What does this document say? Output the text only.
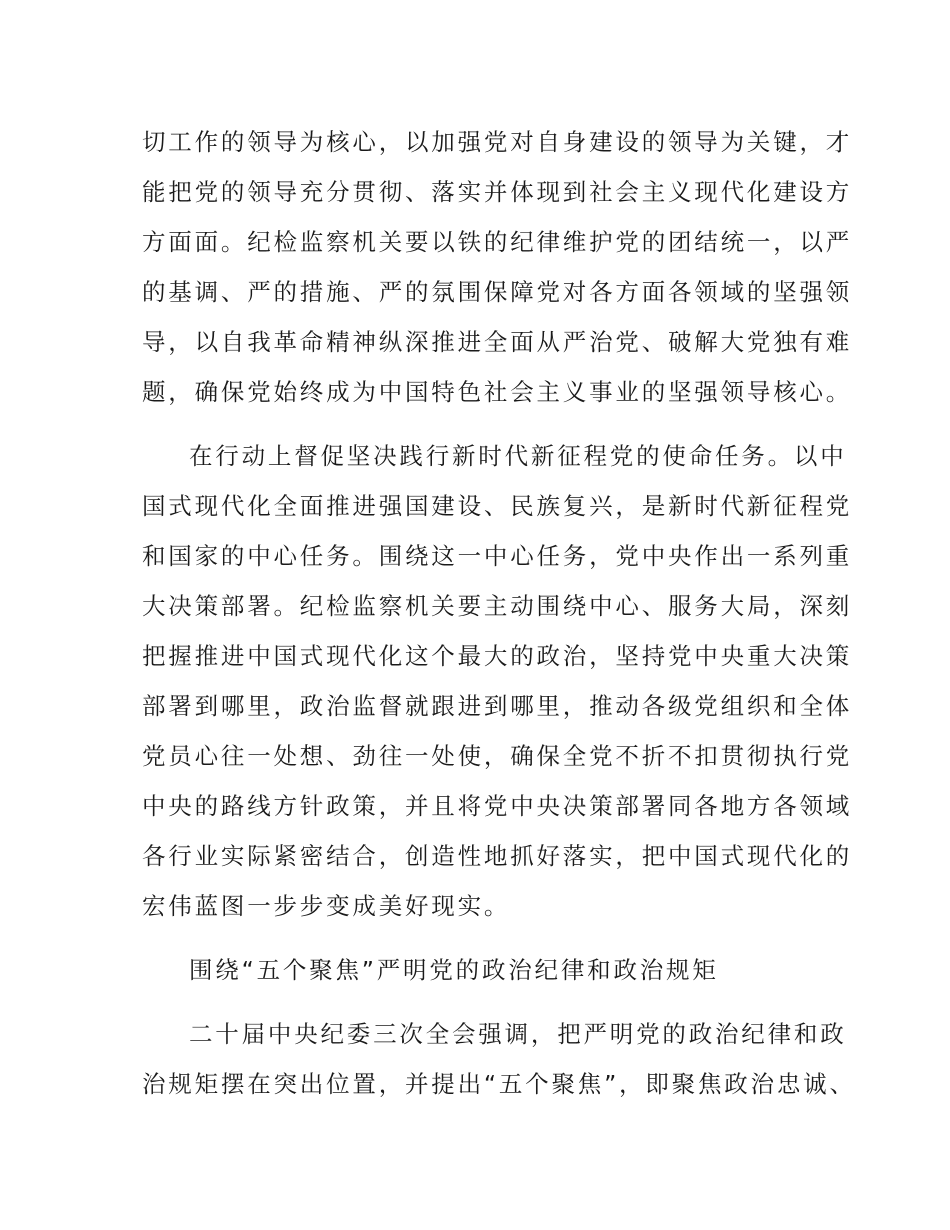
切工作的领导为核心，以加强党对自身建设的领导为关键，才
能把党的领导充分贯彻、落实并体现到社会主义现代化建设方
方面面。纪检监察机关要以铁的纪律维护党的团结统一，以严
的基调、严的措施、严的氛围保障党对各方面各领域的坚强领
导，以自我革命精神纵深推进全面从严治党、破解大党独有难
题，确保党始终成为中国特色社会主义事业的坚强领导核心。
在行动上督促坚决践行新时代新征程党的使命任务。以中
国式现代化全面推进强国建设、民族复兴，是新时代新征程党
和国家的中心任务。围绕这一中心任务，党中央作出一系列重
大决策部署。纪检监察机关要主动围绕中心、服务大局，深刻
把握推进中国式现代化这个最大的政治，坚持党中央重大决策
部署到哪里，政治监督就跟进到哪里，推动各级党组织和全体
党员心往一处想、劲往一处使，确保全党不折不扣贯彻执行党
中央的路线方针政策，并且将党中央决策部署同各地方各领域
各行业实际紧密结合，创造性地抓好落实，把中国式现代化的
宏伟蓝图一步步变成美好现实。
围绕“五个聚焦”严明党的政治纪律和政治规矩
二十届中央纪委三次全会强调，把严明党的政治纪律和政
治规矩摆在突出位置，并提出“五个聚焦”，即聚焦政治忠诚、
